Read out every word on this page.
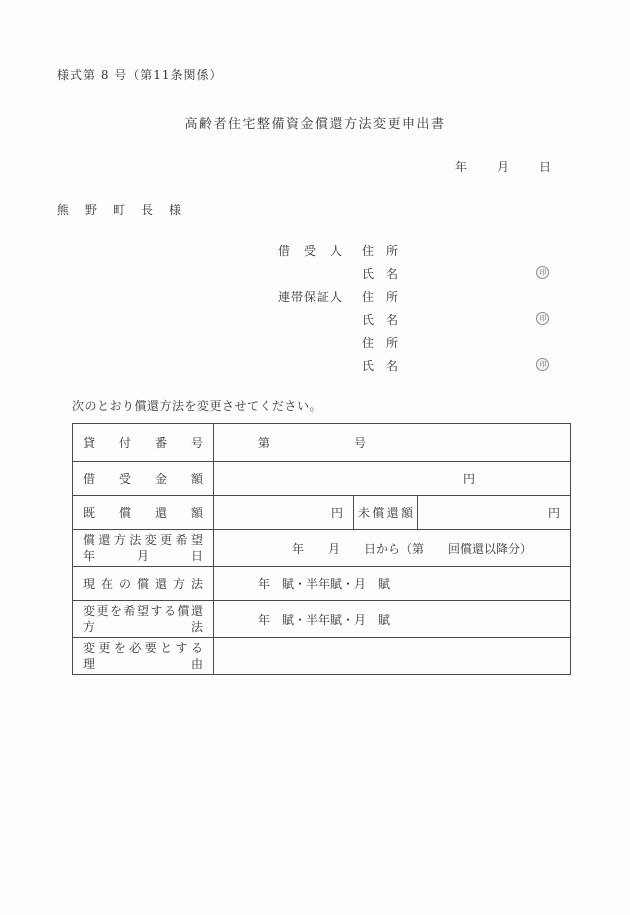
様式第 8 号（第11条関係）
高齢者住宅整備資金償還方法変更申出書
年	月	日
熊　野　町　長　様
借　受　人	住　所
氏　名	印
連帯保証人	住　所
氏　名	印
住　所
氏　名	印
次のとおり償還方法を変更させてください。
貸付番号	第　　　　　　　号		

借受金額	円		

既償還額	円	未償還額	円

償還方法変更希望
年月日	年　　月　　日から（第　　回償還以降分）		

現在の償還方法	年　賦・半年賦・月　賦		

変更を希望する償還
方法	年　賦・半年賦・月　賦		

変更を必要とする
理由			
